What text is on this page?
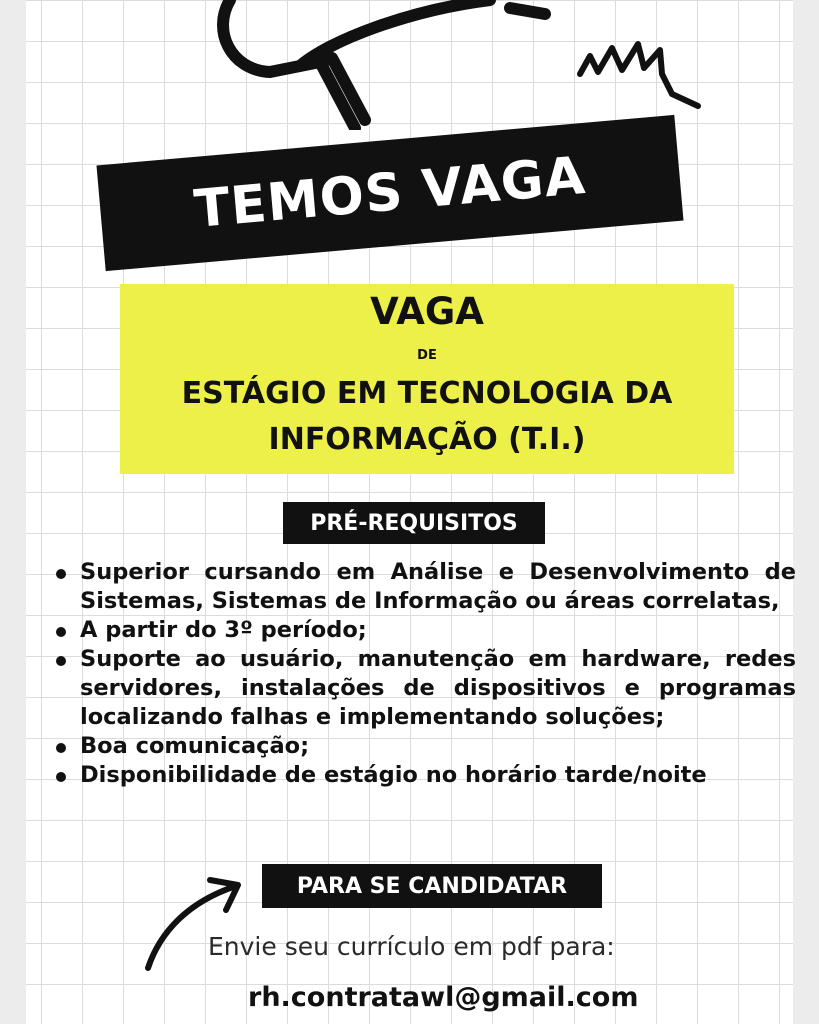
TEMOS VAGA
VAGA
DE
ESTÁGIO EM TECNOLOGIA DA
INFORMAÇÃO (T.I.)
PRÉ-REQUISITOS
Superior cursando em Análise e Desenvolvimento de Sistemas, Sistemas de Informação ou áreas correlatas,
A partir do 3º período;
Suporte ao usuário, manutenção em hardware, redes servidores, instalações de dispositivos e programas localizando falhas e implementando soluções;
Boa comunicação;
Disponibilidade de estágio no horário tarde/noite
PARA SE CANDIDATAR
Envie seu currículo em pdf para:
rh.contratawl@gmail.com
